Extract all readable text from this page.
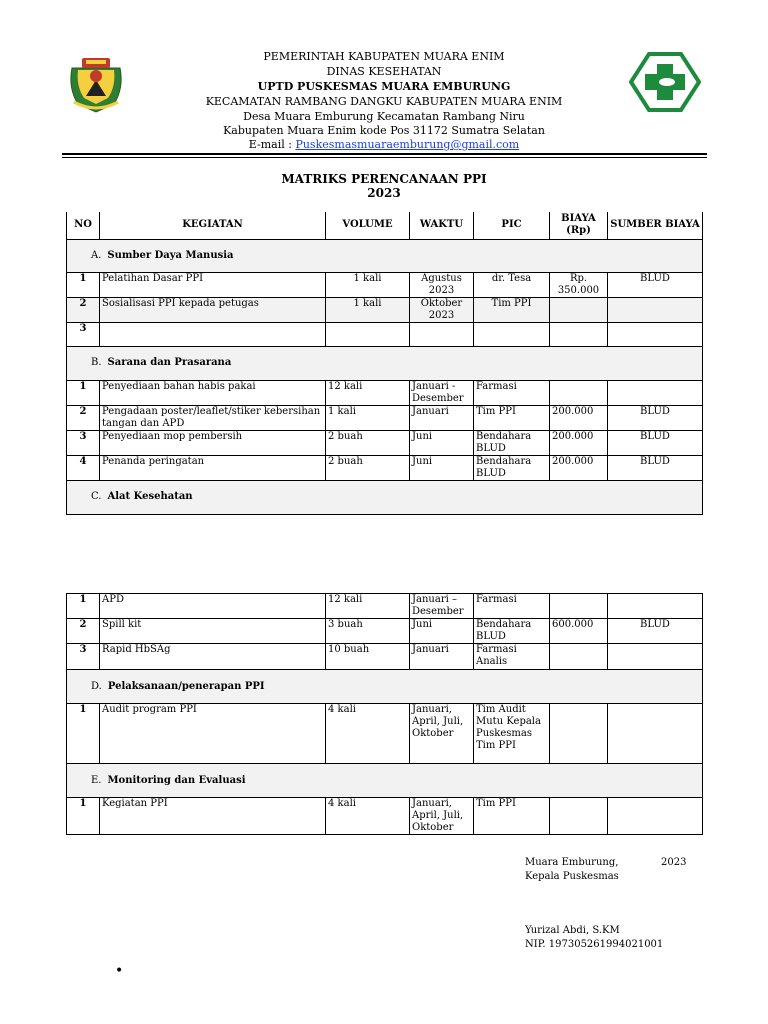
PEMERINTAH KABUPATEN MUARA ENIM
DINAS KESEHATAN
UPTD PUSKESMAS MUARA EMBURUNG
KECAMATAN RAMBANG DANGKU KABUPATEN MUARA ENIM
Desa Muara Emburung Kecamatan Rambang Niru
Kabupaten Muara Enim kode Pos 31172 Sumatra Selatan
E-mail : Puskesmasmuaraemburung@gmail.com
MATRIKS PERENCANAAN PPI
2023
NO	KEGIATAN	VOLUME	WAKTU	PIC	BIAYA (Rp)	SUMBER BIAYA
A. Sumber Daya Manusia						
1	Pelatihan Dasar PPI	1 kali	Agustus 2023	dr. Tesa	Rp. 350.000	BLUD
2	Sosialisasi PPI kepada petugas	1 kali	Oktober 2023	Tim PPI		
3						
B. Sarana dan Prasarana						
1	Penyediaan bahan habis pakai	12 kali	Januari - Desember	Farmasi		
2	Pengadaan poster/leaflet/stiker kebersihan tangan dan APD	1 kali	Januari	Tim PPI	200.000	BLUD
3	Penyediaan mop pembersih	2 buah	Juni	Bendahara BLUD	200.000	BLUD
4	Penanda peringatan	2 buah	Juni	Bendahara BLUD	200.000	BLUD
C. Alat Kesehatan						
1	APD	12 kali	Januari – Desember	Farmasi		
2	Spill kit	3 buah	Juni	Bendahara BLUD	600.000	BLUD
3	Rapid HbSAg	10 buah	Januari	Farmasi Analis		
D. Pelaksanaan/penerapan PPI						
1	Audit program PPI	4 kali	Januari, April, Juli, Oktober	Tim Audit Mutu Kepala Puskesmas Tim PPI		
E. Monitoring dan Evaluasi						
1	Kegiatan PPI	4 kali	Januari, April, Juli, Oktober	Tim PPI		
Muara Emburung,	2023
Kepala Puskesmas
Yurizal Abdi, S.KM
NIP. 197305261994021001
•
